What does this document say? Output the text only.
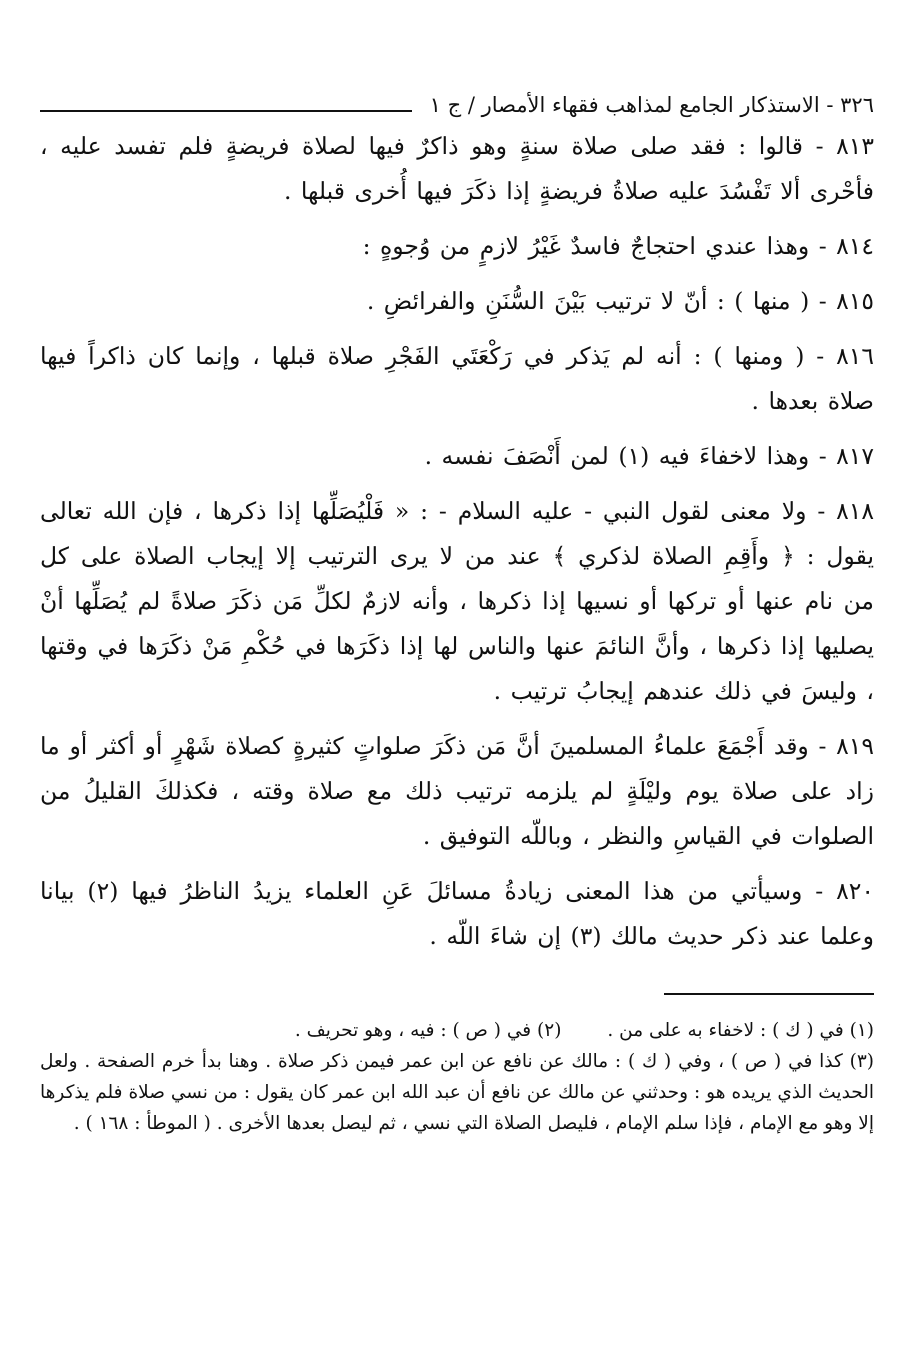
٣٢٦ - الاستذكار الجامع لمذاهب فقهاء الأمصار / ج ١

٨١٣ - قالوا : فقد صلى صلاة سنةٍ وهو ذاكرٌ فيها لصلاة فريضةٍ فلم تفسد عليه ، فأحْرى ألا تَفْسُدَ عليه صلاةُ فريضةٍ إذا ذكَرَ فيها أُخرى قبلها .

٨١٤ - وهذا عندي احتجاجٌ فاسدٌ غَيْرُ لازمٍ من وُجوهٍ :

٨١٥ - ( منها ) : أنّ لا ترتيب بَيْنَ السُّنَنِ والفرائضِ .

٨١٦ - ( ومنها ) : أنه لم يَذكر في رَكْعَتَي الفَجْرِ صلاة قبلها ، وإنما كان ذاكراً فيها صلاة بعدها .

٨١٧ - وهذا لاخفاءَ فيه (١) لمن أَنْصَفَ نفسه .

٨١٨ - ولا معنى لقول النبي - عليه السلام - : « فَلْيُصَلِّها إذا ذكرها ، فإن الله تعالى يقول : ﴿ وأَقِمِ الصلاة لذكري ﴾ عند من لا يرى الترتيب إلا إيجاب الصلاة على كل من نام عنها أو تركها أو نسيها إذا ذكرها ، وأنه لازمٌ لكلِّ مَن ذكَرَ صلاةً لم يُصَلِّها أنْ يصليها إذا ذكرها ، وأنَّ النائمَ عنها والناس لها إذا ذكَرَها في حُكْمِ مَنْ ذكَرَها في وقتها ، وليسَ في ذلك عندهم إيجابُ ترتيب .

٨١٩ - وقد أَجْمَعَ علماءُ المسلمينَ أنَّ مَن ذكَرَ صلواتٍ كثيرةٍ كصلاة شَهْرٍ أو أكثر أو ما زاد على صلاة يوم وليْلَةٍ لم يلزمه ترتيب ذلك مع صلاة وقته ، فكذلكَ القليلُ من الصلوات في القياسِ والنظر ، وباللّه التوفيق .

٨٢٠ - وسيأتي من هذا المعنى زيادةُ مسائلَ عَنِ العلماء يزيدُ الناظرُ فيها (٢) بيانا وعلما عند ذكر حديث مالك (٣) إن شاءَ اللّه .

(١) في ( ك ) : لاخفاء به على من .

(٢) في ( ص ) : فيه ، وهو تحريف .

(٣) كذا في ( ص ) ، وفي ( ك ) : مالك عن نافع عن ابن عمر فيمن ذكر صلاة . وهنا بدأ خرم الصفحة . ولعل الحديث الذي يريده هو : وحدثني عن مالك عن نافع أن عبد الله ابن عمر كان يقول : من نسي صلاة فلم يذكرها إلا وهو مع الإمام ، فإذا سلم الإمام ، فليصل الصلاة التي نسي ، ثم ليصل بعدها الأخرى . ( الموطأ : ١٦٨ ) .
